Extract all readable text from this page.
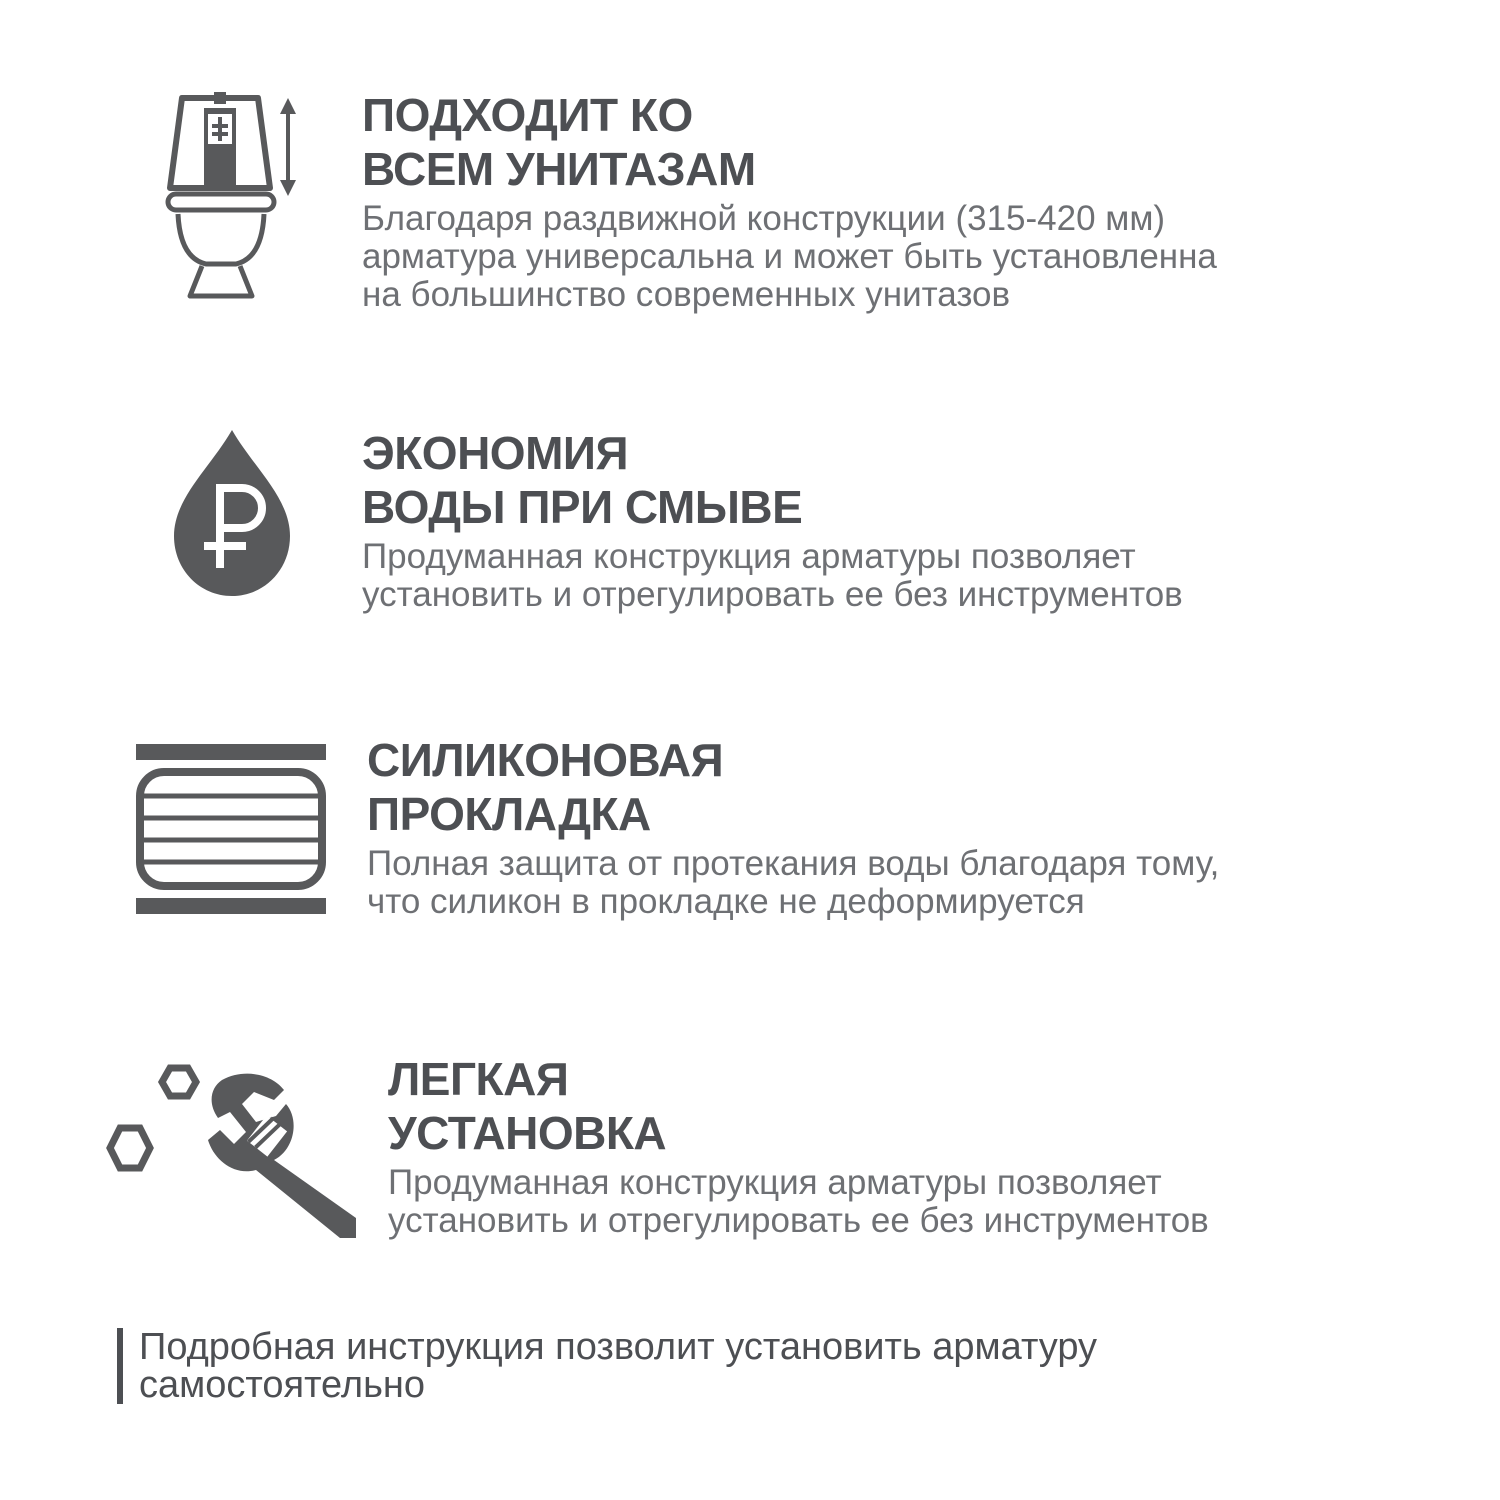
ПОДХОДИТ КО
ВСЕМ УНИТАЗАМ
Благодаря раздвижной конструкции (315-420 мм)
арматура универсальна и может быть установленна
на большинство современных унитазов
ЭКОНОМИЯ
ВОДЫ ПРИ СМЫВЕ
Продуманная конструкция арматуры позволяет
установить и отрегулировать ее без инструментов
СИЛИКОНОВАЯ
ПРОКЛАДКА
Полная защита от протекания воды благодаря тому,
что силикон в прокладке не деформируется
ЛЕГКАЯ
УСТАНОВКА
Продуманная конструкция арматуры позволяет
установить и отрегулировать ее без инструментов

Подробная инструкция позволит установить арматуру

самостоятельно
